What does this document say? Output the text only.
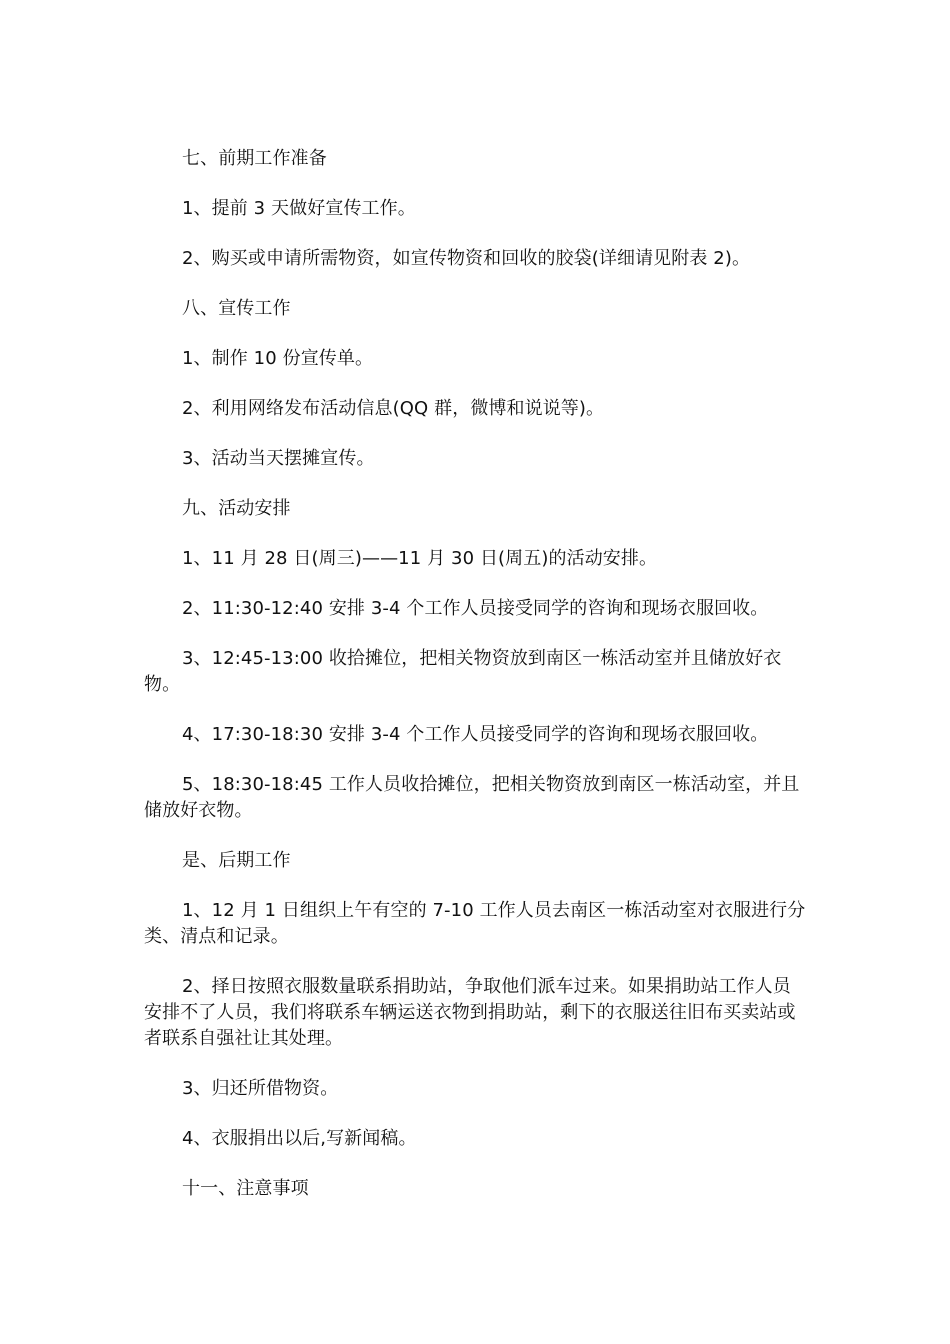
七、前期工作准备

1、提前 3 天做好宣传工作。

2、购买或申请所需物资，如宣传物资和回收的胶袋(详细请见附表 2)。

八、宣传工作

1、制作 10 份宣传单。

2、利用网络发布活动信息(QQ 群，微博和说说等)。

3、活动当天摆摊宣传。

九、活动安排

1、11 月 28 日(周三)——11 月 30 日(周五)的活动安排。

2、11:30-12:40 安排 3-4 个工作人员接受同学的咨询和现场衣服回收。

3、12:45-13:00 收拾摊位，把相关物资放到南区一栋活动室并且储放好衣物。

4、17:30-18:30 安排 3-4 个工作人员接受同学的咨询和现场衣服回收。

5、18:30-18:45 工作人员收拾摊位，把相关物资放到南区一栋活动室，并且储放好衣物。

是、后期工作

1、12 月 1 日组织上午有空的 7-10 工作人员去南区一栋活动室对衣服进行分类、清点和记录。

2、择日按照衣服数量联系捐助站，争取他们派车过来。如果捐助站工作人员安排不了人员，我们将联系车辆运送衣物到捐助站，剩下的衣服送往旧布买卖站或者联系自强社让其处理。

3、归还所借物资。

4、衣服捐出以后,写新闻稿。

十一、注意事项
